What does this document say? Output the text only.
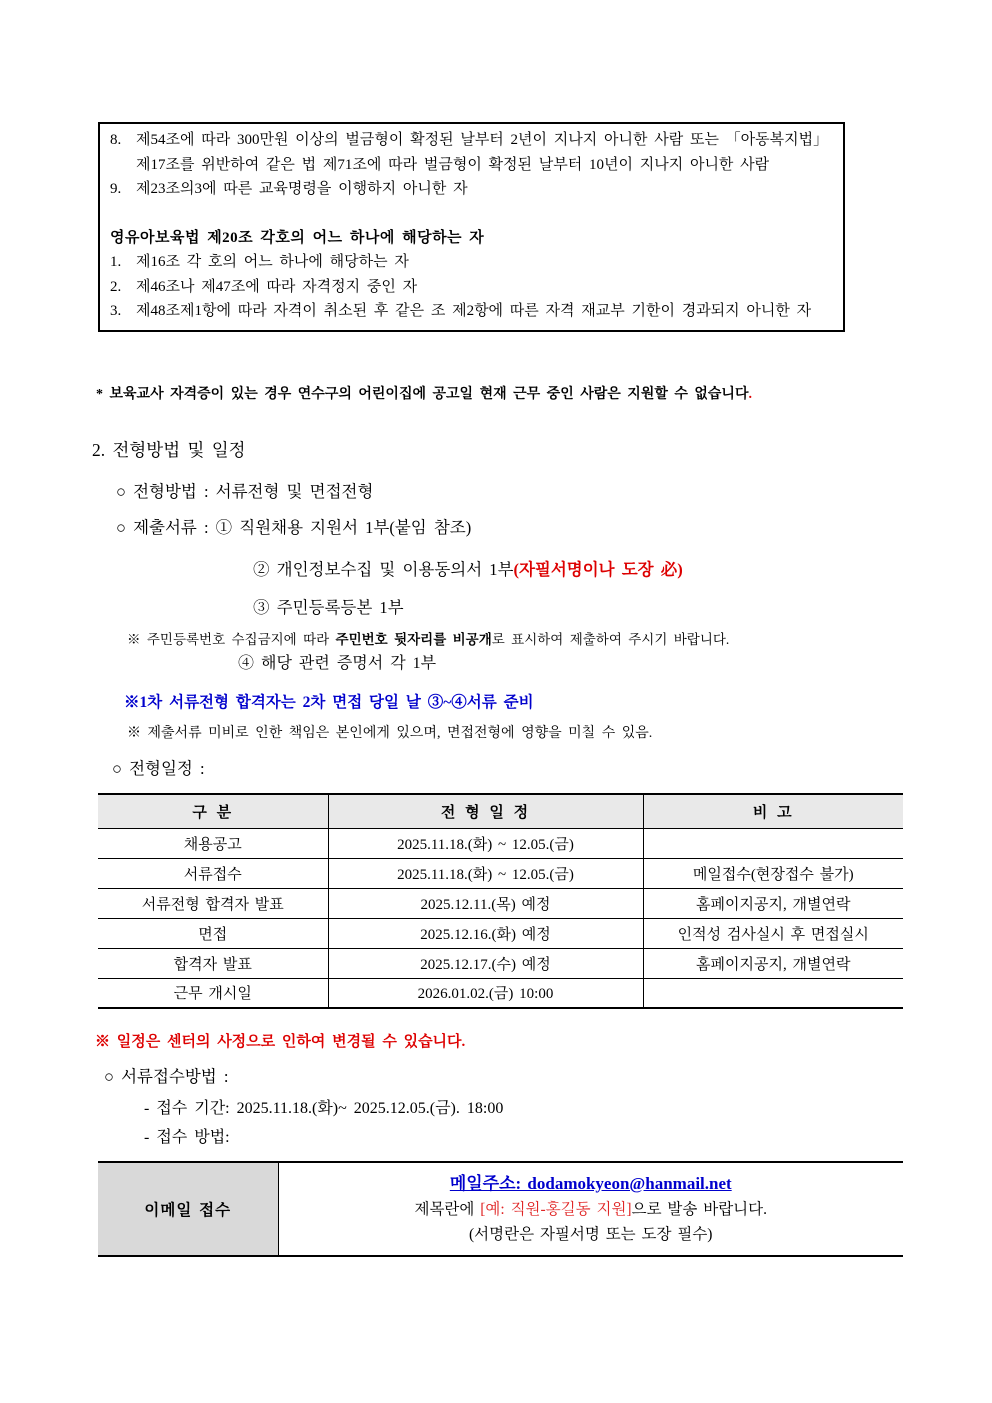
8. 제54조에 따라 300만원 이상의 벌금형이 확정된 날부터 2년이 지나지 아니한 사람 또는 「아동복지법」 제17조를 위반하여 같은 법 제71조에 따라 벌금형이 확정된 날부터 10년이 지나지 아니한 사람
9. 제23조의3에 따른 교육명령을 이행하지 아니한 자
영유아보육법 제20조 각호의 어느 하나에 해당하는 자
1. 제16조 각 호의 어느 하나에 해당하는 자
2. 제46조나 제47조에 따라 자격정지 중인 자
3. 제48조제1항에 따라 자격이 취소된 후 같은 조 제2항에 따른 자격 재교부 기한이 경과되지 아니한 자
* 보육교사 자격증이 있는 경우 연수구의 어린이집에 공고일 현재 근무 중인 사람은 지원할 수 없습니다.
2. 전형방법 및 일정
○ 전형방법 : 서류전형 및 면접전형
○ 제출서류 : ① 직원채용 지원서 1부(붙임 참조)
② 개인정보수집 및 이용동의서 1부(자필서명이나 도장 必)
③ 주민등록등본 1부
※ 주민등록번호 수집금지에 따라 주민번호 뒷자리를 비공개로 표시하여 제출하여 주시기 바랍니다.
④ 해당 관련 증명서 각 1부
※1차 서류전형 합격자는 2차 면접 당일 날 ③~④서류 준비
※ 제출서류 미비로 인한 책임은 본인에게 있으며, 면접전형에 영향을 미칠 수 있음.
○ 전형일정 :
구 분	전 형 일 정	비 고
채용공고	2025.11.18.(화) ~ 12.05.(금)	
서류접수	2025.11.18.(화) ~ 12.05.(금)	메일접수(현장접수 불가)
서류전형 합격자 발표	2025.12.11.(목) 예정	홈페이지공지, 개별연락
면접	2025.12.16.(화) 예정	인적성 검사실시 후 면접실시
합격자 발표	2025.12.17.(수) 예정	홈페이지공지, 개별연락
근무 개시일	2026.01.02.(금) 10:00	
※ 일정은 센터의 사정으로 인하여 변경될 수 있습니다.
○ 서류접수방법 :
- 접수 기간: 2025.11.18.(화)~ 2025.12.05.(금). 18:00
- 접수 방법:
이메일 접수	메일주소: dodamokyeon@hanmail.net
제목란에 [예: 직원-홍길동 지원]으로 발송 바랍니다.
(서명란은 자필서명 또는 도장 필수)
